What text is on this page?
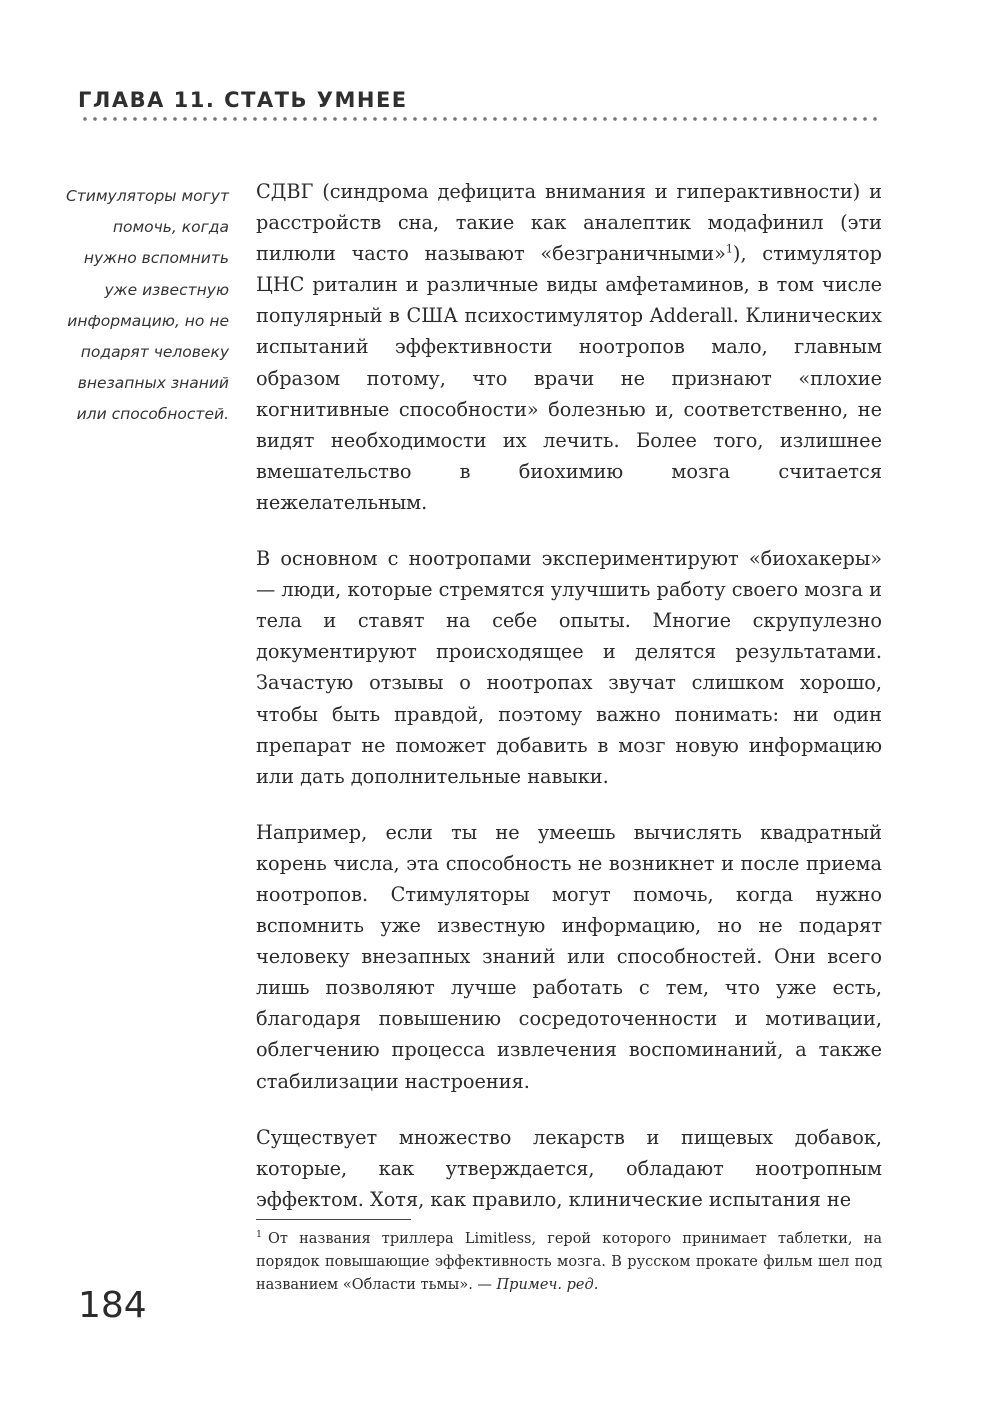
ГЛАВА 11. СТАТЬ УМНЕЕ

Стимуляторы могут помочь, когда нужно вспомнить уже известную информацию, но не подарят человеку внезапных знаний или способностей.

СДВГ (синдрома дефицита внимания и гиперактивности) и расстройств сна, такие как аналептик модафинил (эти пилюли часто называют «безграничными»$^1$), стимулятор ЦНС риталин и различные виды амфетаминов, в том числе популярный в США психостимулятор Adderall. Клинических испытаний эффективности ноотропов мало, главным образом потому, что врачи не признают «плохие когнитивные способности» болезнью и, соответственно, не видят необходимости их лечить. Более того, излишнее вмешательство в биохимию мозга считается нежелательным.

В основном с ноотропами экспериментируют «биохакеры» — люди, которые стремятся улучшить работу своего мозга и тела и ставят на себе опыты. Многие скрупулезно документируют происходящее и делятся результатами. Зачастую отзывы о ноотропах звучат слишком хорошо, чтобы быть правдой, поэтому важно понимать: ни один препарат не поможет добавить в мозг новую информацию или дать дополнительные навыки.

Например, если ты не умеешь вычислять квадратный корень числа, эта способность не возникнет и после приема ноотропов. Стимуляторы могут помочь, когда нужно вспомнить уже известную информацию, но не подарят человеку внезапных знаний или способностей. Они всего лишь позволяют лучше работать с тем, что уже есть, благодаря повышению сосредоточенности и мотивации, облегчению процесса извлечения воспоминаний, а также стабилизации настроения.

Существует множество лекарств и пищевых добавок, которые, как утверждается, обладают ноотропным эффектом. Хотя, как правило, клинические испытания не

$^1$ От названия триллера Limitless, герой которого принимает таблетки, на порядок повышающие эффективность мозга. В русском прокате фильм шел под названием «Области тьмы». — Примеч. ред.

184
